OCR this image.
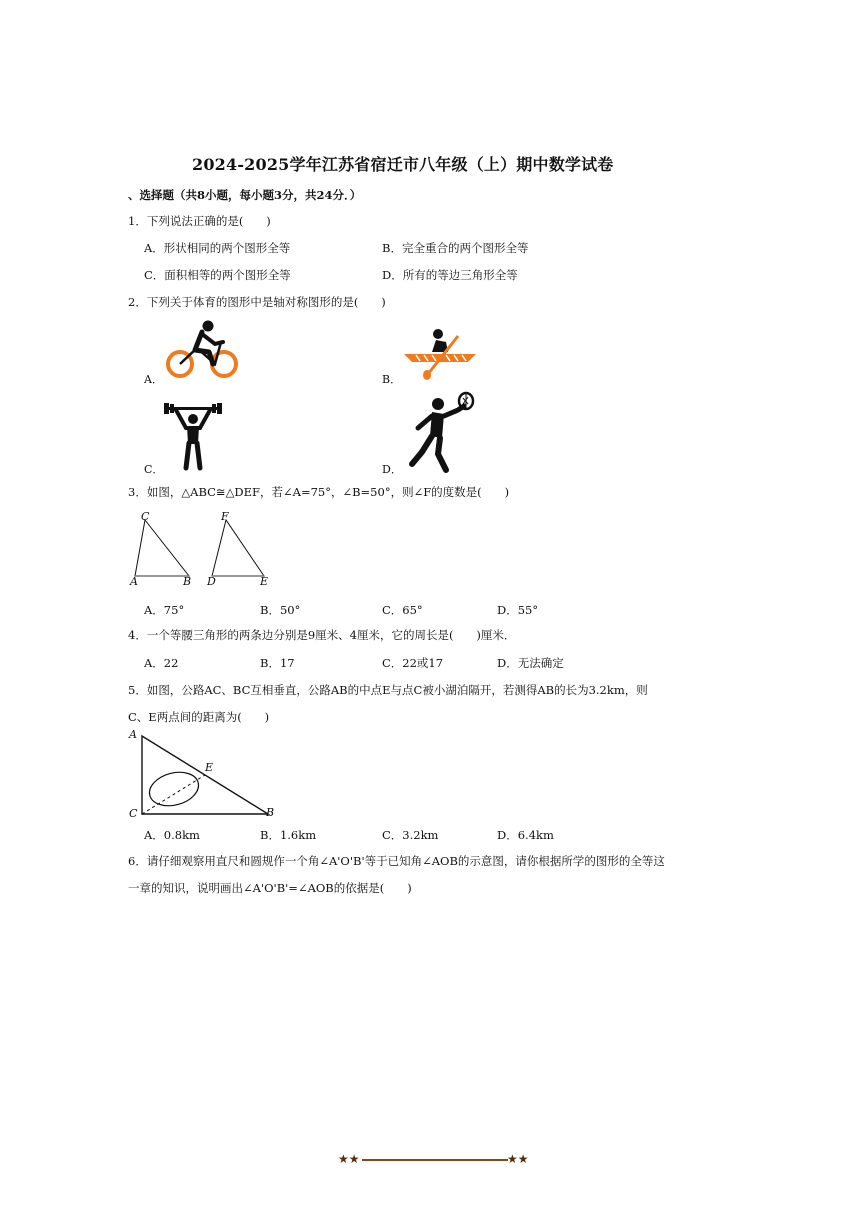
2024-2025学年江苏省宿迁市八年级（上）期中数学试卷
、选择题（共8小题，每小题3分，共24分．）
1．下列说法正确的是(　　)
A．形状相同的两个图形全等	B．完全重合的两个图形全等
C．面积相等的两个图形全等	D．所有的等边三角形全等
2．下列关于体育的图形中是轴对称图形的是(　　)
A．	B．
C．	D．
3．如图，△ABC≅△DEF，若∠A=75°，∠B=50°，则∠F的度数是(　　)
C
A	B
F
D	E
A．75°	B．50°	C．65°	D．55°
4．一个等腰三角形的两条边分别是9厘米、4厘米，它的周长是(　　)厘米．
A．22	B．17	C．22或17	D．无法确定
5．如图，公路AC、BC互相垂直，公路AB的中点E与点C被小湖泊隔开，若测得AB的长为3.2km，则
C、E两点间的距离为(　　)
A
C	B
E
A．0.8km	B．1.6km	C．3.2km	D．6.4km
6．请仔细观察用直尺和圆规作一个角∠A'O'B'等于已知角∠AOB的示意图，请你根据所学的图形的全等这
一章的知识，说明画出∠A'O'B'=∠AOB的依据是(　　)
★★	★★
